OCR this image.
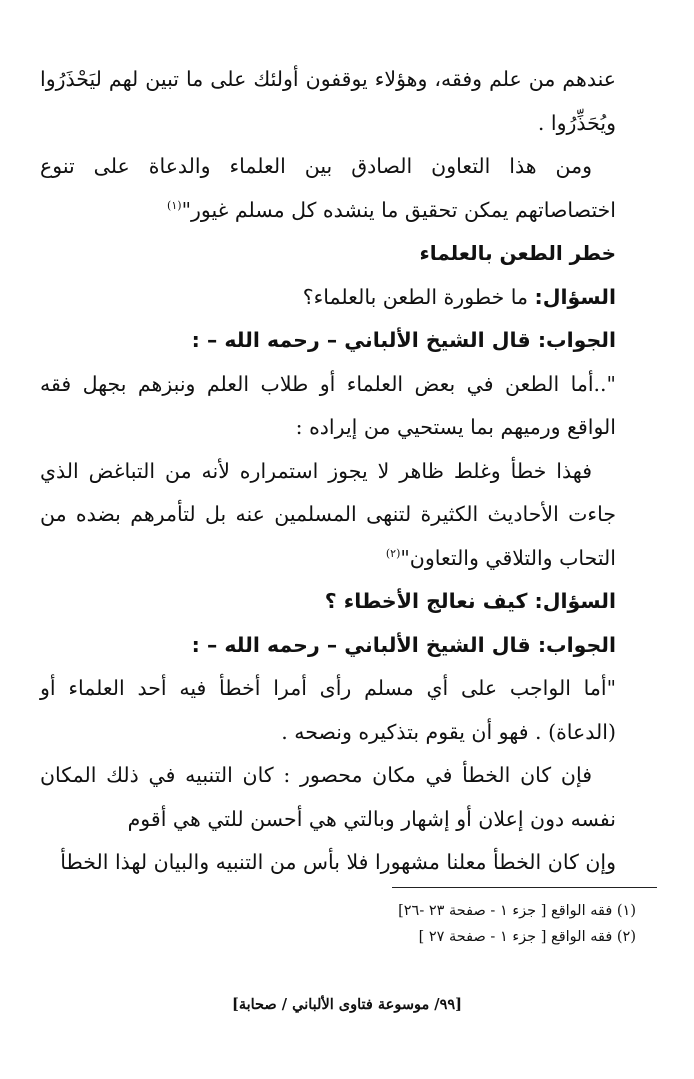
عندهم من علم وفقه، وهؤلاء يوقفون أولئك على ما تبين لهم ليَحْذَرُوا ويُحَذِّرُوا .

ومن هذا التعاون الصادق بين العلماء والدعاة على تنوع اختصاصاتهم يمكن تحقيق ما ينشده كل مسلم غيور"$^{(١)}$

خطر الطعن بالعلماء

السؤال: ما خطورة الطعن بالعلماء؟

الجواب: قال الشيخ الألباني – رحمه الله – :

"..أما الطعن في بعض العلماء أو طلاب العلم ونبزهم بجهل فقه الواقع ورميهم بما يستحيي من إيراده :

فهذا خطأ وغلط ظاهر لا يجوز استمراره لأنه من التباغض الذي جاءت الأحاديث الكثيرة لتنهى المسلمين عنه بل لتأمرهم بضده من التحاب والتلاقي والتعاون"$^{(٢)}$

السؤال: كيف نعالج الأخطاء ؟

الجواب: قال الشيخ الألباني – رحمه الله – :

"أما الواجب على أي مسلم رأى أمرا أخطأ فيه أحد العلماء أو (الدعاة) . فهو أن يقوم بتذكيره ونصحه .

فإن كان الخطأ في مكان محصور : كان التنبيه في ذلك المكان نفسه دون إعلان أو إشهار وبالتي هي أحسن للتي هي أقوم

وإن كان الخطأ معلنا مشهورا فلا بأس من التنبيه والبيان لهذا الخطأ

(١) فقه الواقع [ جزء ١ - صفحة ٢٣ -٢٦]

(٢) فقه الواقع [ جزء ١ - صفحة ٢٧ ]

[٩٩/ موسوعة فتاوى الألباني / صحابة]
